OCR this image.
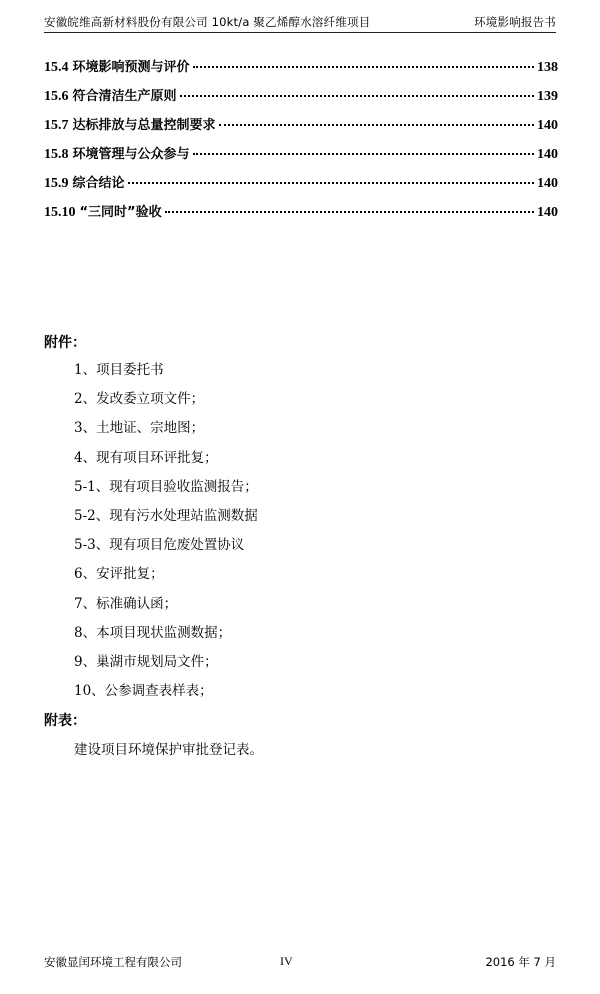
安徽皖维高新材料股份有限公司 10kt/a 聚乙烯醇水溶纤维项目	环境影响报告书
15.4 环境影响预测与评价	138
15.6 符合清洁生产原则	139
15.7 达标排放与总量控制要求	140
15.8 环境管理与公众参与	140
15.9 综合结论	140
15.10 “三同时”验收	140
附件：
1、项目委托书
2、发改委立项文件；
3、土地证、宗地图；
4、现有项目环评批复；
5-1、现有项目验收监测报告；
5-2、现有污水处理站监测数据
5-3、现有项目危废处置协议
6、安评批复；
7、标准确认函；
8、本项目现状监测数据；
9、巢湖市规划局文件；
10、公参调查表样表；
附表：
建设项目环境保护审批登记表。
安徽显闰环境工程有限公司	IV	2016 年 7 月
